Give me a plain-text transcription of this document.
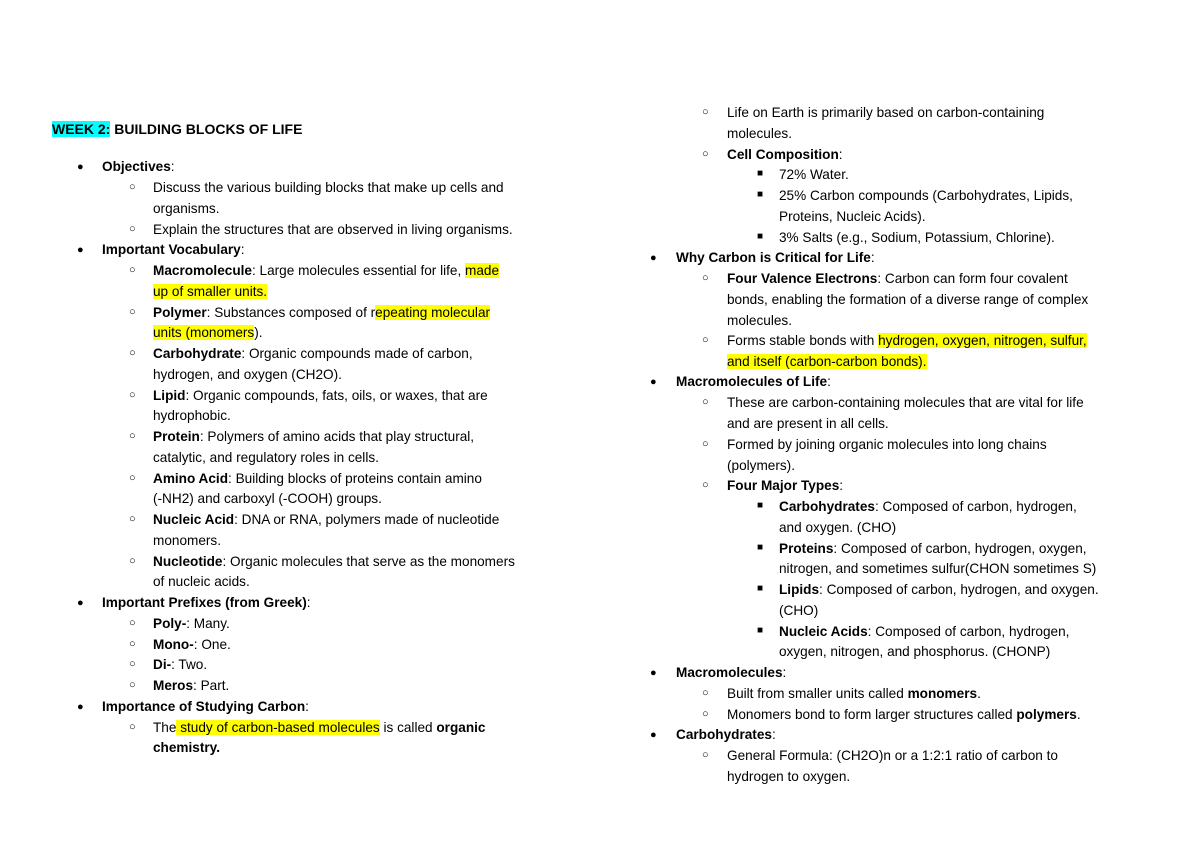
WEEK 2: BUILDING BLOCKS OF LIFE
● Objectives:
○ Discuss the various building blocks that make up cells and
organisms.
○ Explain the structures that are observed in living organisms.
● Important Vocabulary:
○ Macromolecule: Large molecules essential for life, made
up of smaller units.
○ Polymer: Substances composed of repeating molecular
units (monomers).
○ Carbohydrate: Organic compounds made of carbon,
hydrogen, and oxygen (CH2O).
○ Lipid: Organic compounds, fats, oils, or waxes, that are
hydrophobic.
○ Protein: Polymers of amino acids that play structural,
catalytic, and regulatory roles in cells.
○ Amino Acid: Building blocks of proteins contain amino
(-NH2) and carboxyl (-COOH) groups.
○ Nucleic Acid: DNA or RNA, polymers made of nucleotide
monomers.
○ Nucleotide: Organic molecules that serve as the monomers
of nucleic acids.
● Important Prefixes (from Greek):
○ Poly-: Many.
○ Mono-: One.
○ Di-: Two.
○ Meros: Part.
● Importance of Studying Carbon:
○ The study of carbon-based molecules is called organic
chemistry.
○ Life on Earth is primarily based on carbon-containing
molecules.
○ Cell Composition:
■ 72% Water.
■ 25% Carbon compounds (Carbohydrates, Lipids,
Proteins, Nucleic Acids).
■ 3% Salts (e.g., Sodium, Potassium, Chlorine).
● Why Carbon is Critical for Life:
○ Four Valence Electrons: Carbon can form four covalent
bonds, enabling the formation of a diverse range of complex
molecules.
○ Forms stable bonds with hydrogen, oxygen, nitrogen, sulfur,
and itself (carbon-carbon bonds).
● Macromolecules of Life:
○ These are carbon-containing molecules that are vital for life
and are present in all cells.
○ Formed by joining organic molecules into long chains
(polymers).
○ Four Major Types:
■ Carbohydrates: Composed of carbon, hydrogen,
and oxygen. (CHO)
■ Proteins: Composed of carbon, hydrogen, oxygen,
nitrogen, and sometimes sulfur(CHON sometimes S)
■ Lipids: Composed of carbon, hydrogen, and oxygen.
(CHO)
■ Nucleic Acids: Composed of carbon, hydrogen,
oxygen, nitrogen, and phosphorus. (CHONP)
● Macromolecules:
○ Built from smaller units called monomers.
○ Monomers bond to form larger structures called polymers.
● Carbohydrates:
○ General Formula: (CH2O)n or a 1:2:1 ratio of carbon to
hydrogen to oxygen.
